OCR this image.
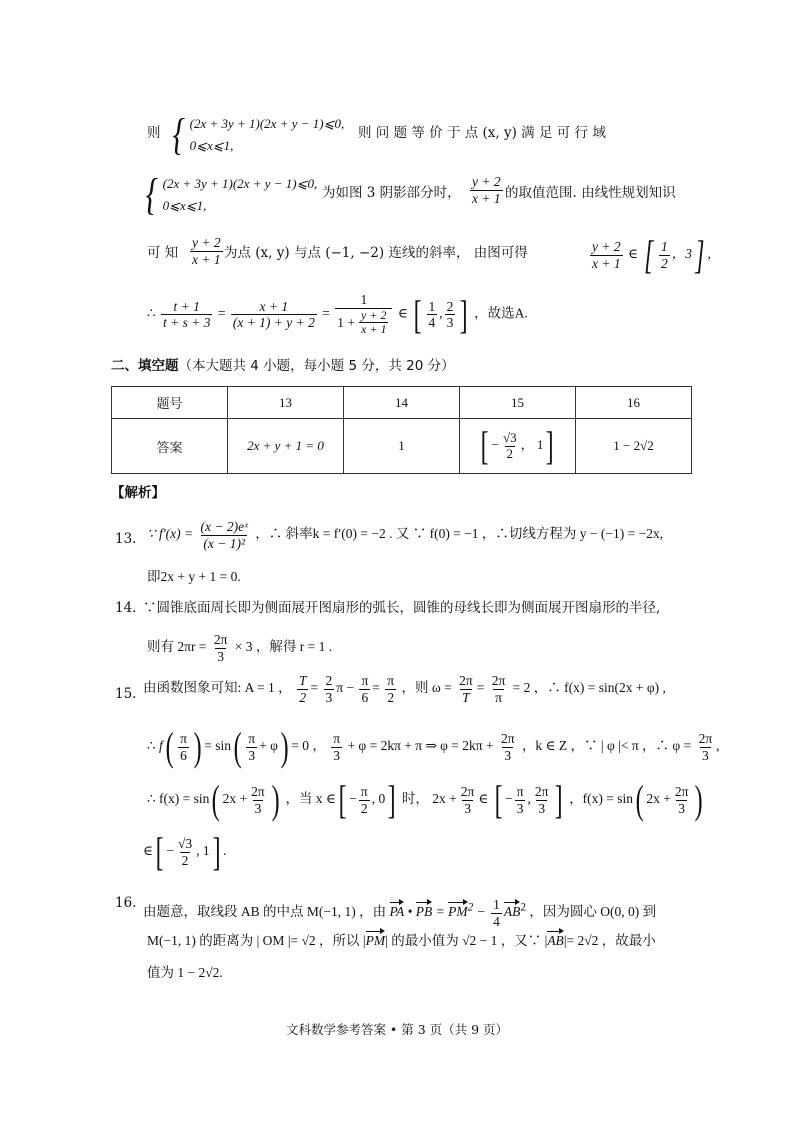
则 { (2x + 3y + 1)(2x + y − 1)⩽0,
0⩽x⩽1,
则 问 题 等 价 于 点 (x, y) 满 足 可 行 域
{ (2x + 3y + 1)(2x + y − 1)⩽0,
0⩽x⩽1,
为如图 3 阴影部分时， $\frac{y + 2}{x + 1}$ 的取值范围. 由线性规划知识
可 知 $\frac{y + 2}{x + 1}$ 为点 (x, y) 与点 (−1, −2) 连线的斜率， 由图可得	$\frac{y + 2}{x + 1}$ ∈ [ $\frac{1}{2}$ ，3] ,
∴ $\frac{t + 1}{t + s + 3} = \frac{x + 1}{(x + 1) + y + 2} = \frac{1}{1 + \frac{y + 2}{x + 1}}$ ∈ [ $\frac{1}{4}$ , $\frac{2}{3}$ ] ，故选A.
二、填空题（本大题共 4 小题，每小题 5 分，共 20 分）
题号	13	14	15	16
答案	2x + y + 1 = 0	1	[ − $\frac{√3}{2}$ ， 1]	1 − 2√2
【解析】
13. ∵ $f'(x) = \frac{\text{(x − 2)eˣ}}{\text{(x − 1)²}}$ ，∴ 斜率k = f′(0) = −2 . 又 ∵ f(0) = −1 ，∴切线方程为 y − (−1) = −2x,
即2x + y + 1 = 0.
14. ∵圆锥底面周长即为侧面展开图扇形的弧长，圆锥的母线长即为侧面展开图扇形的半径,
则有 $2\pi r = \frac{2\pi}{3} \times 3$ ，解得 r = 1 .
15. 由函数图象可知: A = 1 ， $\frac{T}{2} = \frac{2}{3}$ $\pi - \frac{\pi}{6} = \frac{\pi}{2}$ ，则 $\omega = \frac{2\pi}{T} = \frac{2\pi}{\pi} = 2$ ，∴ f(x) = sin(2x + φ) ,
∴ $f( \frac{\pi}{6}$ ) = $\sin( \frac{\pi}{3} + \varphi) = 0$ ， $\frac{\pi}{3} + \varphi = 2k\pi + \pi$ ⇒ $\varphi = 2k\pi + \frac{2\pi}{3}$ ，k ∈ Z ，∵ | φ |< π ，∴ $\varphi = \frac{2\pi}{3}$ ,
∴ f(x) = sin( $2x + \frac{2\pi}{3}$ ) ，当 x ∈[ − $\frac{\pi}{2}$ , 0] 时， $2x + \frac{2\pi}{3}$ ∈ [ − $\frac{\pi}{3}$ , $\frac{2\pi}{3}$ ] ，f(x) = sin( $2x + \frac{2\pi}{3}$ )
∈[ − $\frac{√3}{2}$ , 1] .
16.
由题意，取线段 AB 的中点 M(−1, 1) ，由 PA • PB = $PM^2 - \frac{1}{4} AB^2$ ，因为圆心 O(0, 0) 到
M(−1, 1) 的距离为 | OM |= √2 ，所以 |PM| 的最小值为 √2 − 1 ，又∵ |AB|= 2√2 ，故最小
值为 1 − 2√2.
文科数学参考答案 • 第 3 页（共 9 页）
